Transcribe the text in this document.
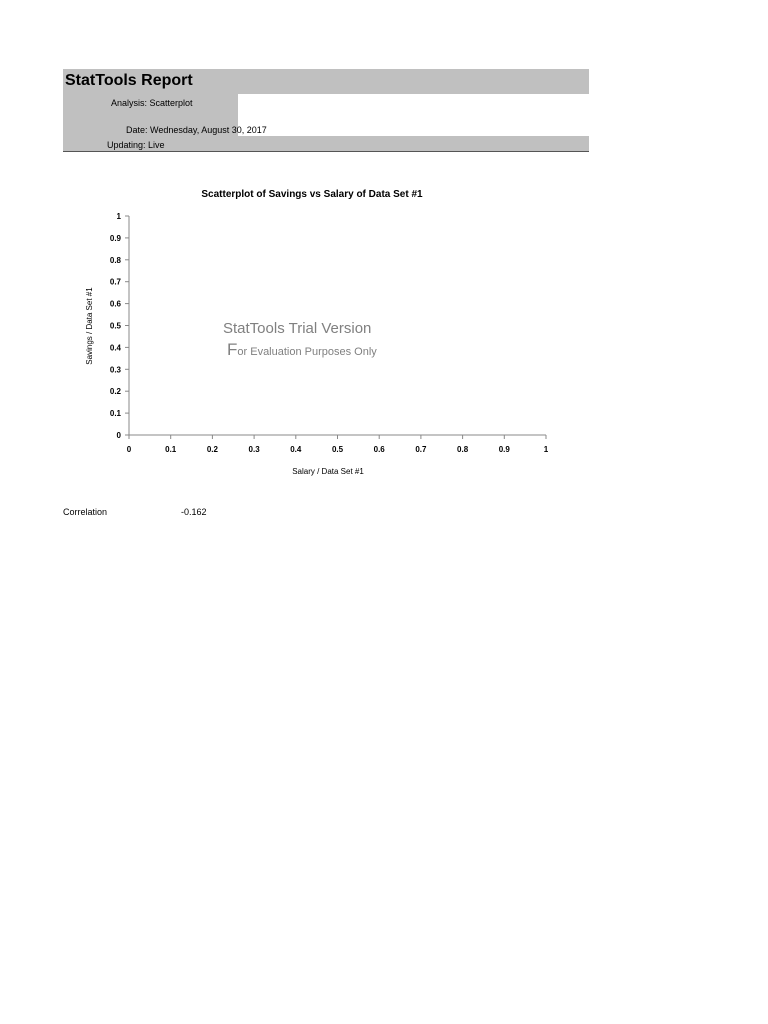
StatTools Report
Analysis: Scatterplot
Date: Wednesday, August 30, 2017
Updating: Live
Scatterplot of Savings vs Salary of Data Set #1
0
0.1
0.2
0.3
0.4
0.5
0.6
0.7
0.8
0.9
1
0	0.1	0.2	0.3	0.4	0.5	0.6	0.7	0.8	0.9	1
StatTools Trial Version
For Evaluation Purposes Only
Salary / Data Set #1
Savings / Data Set #1
Correlation	-0.162
